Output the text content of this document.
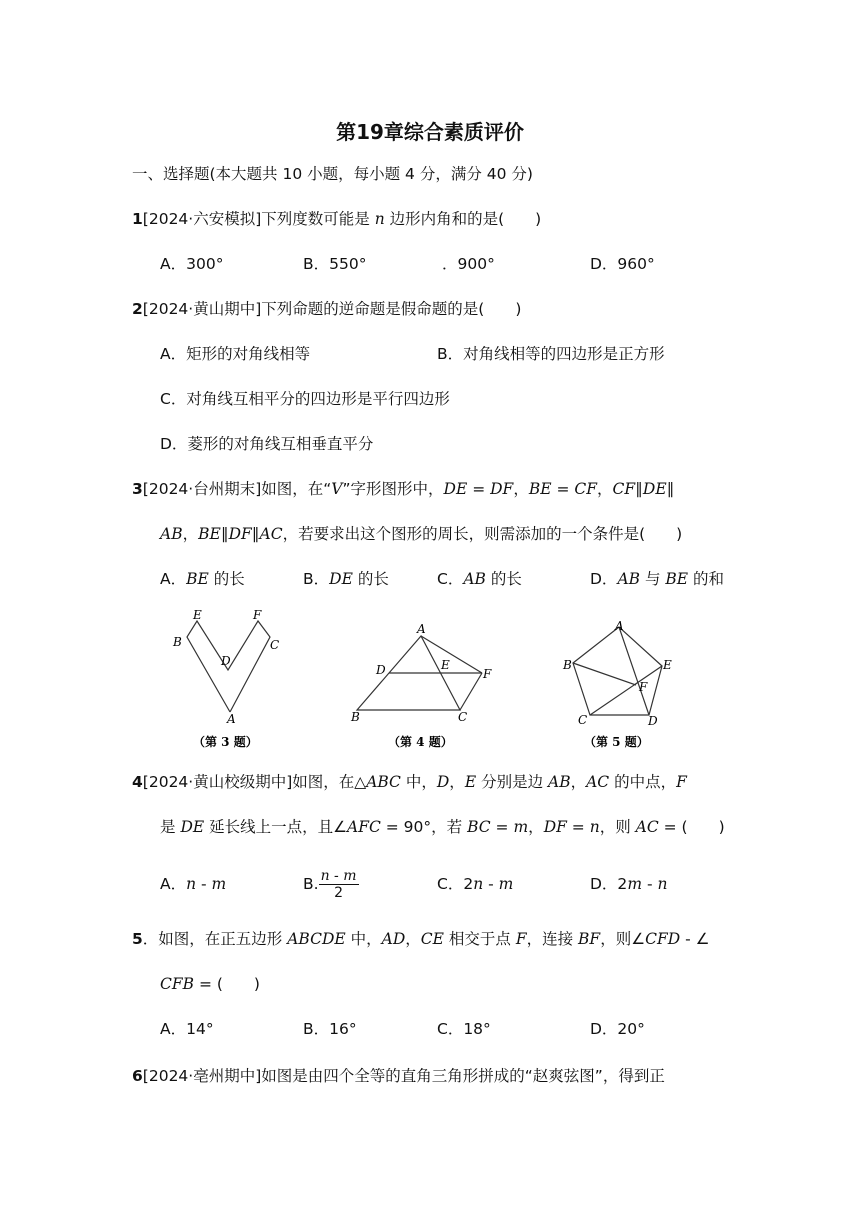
第19章综合素质评价
一、选择题(本大题共 10 小题，每小题 4 分，满分 40 分)
1[2024·六安模拟]下列度数可能是 n 边形内角和的是(　　)
A．300°	B．550°	．900°	D．960°
2[2024·黄山期中]下列命题的逆命题是假命题的是(　　)
A．矩形的对角线相等	B．对角线相等的四边形是正方形
C．对角线互相平分的四边形是平行四边形
D．菱形的对角线互相垂直平分
3[2024·台州期末]如图，在“V”字形图形中，DE = DF，BE = CF，CF∥DE∥
AB，BE∥DF∥AC，若要求出这个图形的周长，则需添加的一个条件是(　　)
A．BE 的长	B．DE 的长	C．AB 的长	D．AB 与 BE 的和
E	F
B	C
D
A
（第 3 题）
A
D	E
F
B	C
（第 4 题）
A
B	E
F
C	D
（第 5 题）
4[2024·黄山校级期中]如图，在△ABC 中，D，E 分别是边 AB，AC 的中点，F
是 DE 延长线上一点，且∠AFC = 90°，若 BC = m，DF = n，则 AC = (　　)
A．n - m	B. $\frac{n - m}{2}$	C．2n - m	D．2m - n
5．如图，在正五边形 ABCDE 中，AD，CE 相交于点 F，连接 BF，则∠CFD - ∠
CFB = (　　)
A．14°	B．16°	C．18°	D．20°
6[2024·亳州期中]如图是由四个全等的直角三角形拼成的“赵爽弦图”，得到正
